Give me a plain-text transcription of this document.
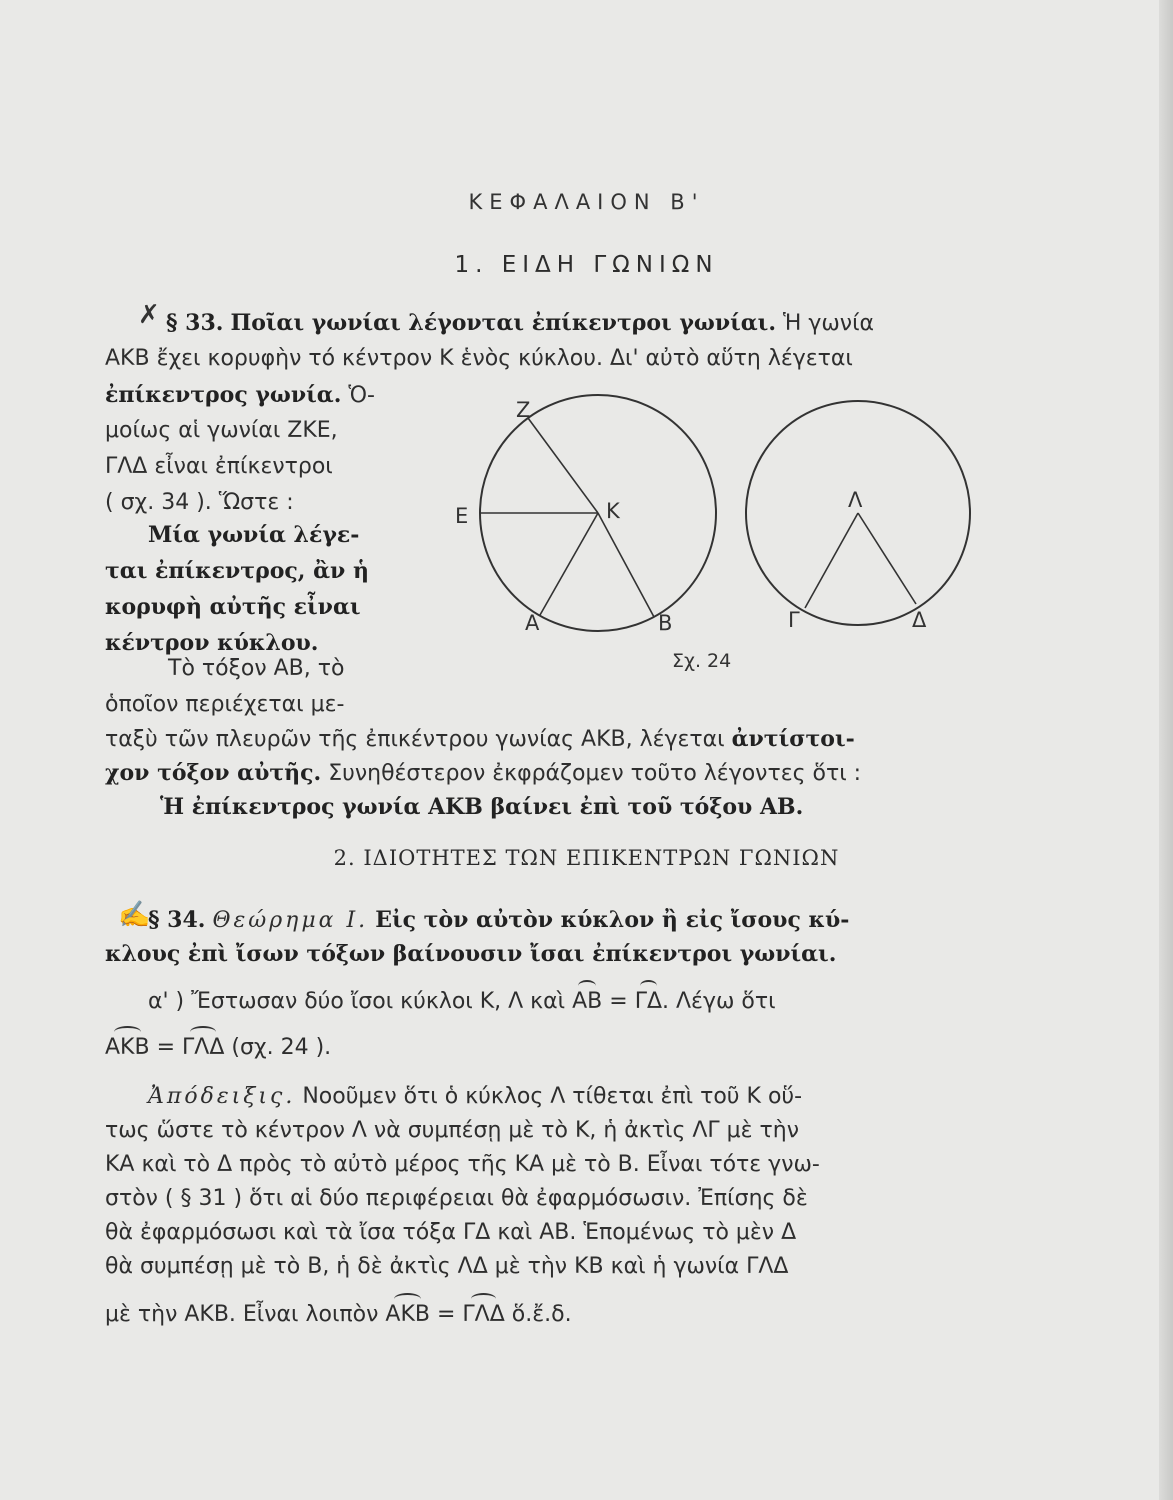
ΚΕΦΑΛΑΙΟΝ Β'
1. ΕΙΔΗ ΓΩΝΙΩΝ
✗ § 33. Ποῖαι γωνίαι λέγονται ἐπίκεντροι γωνίαι. Ἡ γωνία
ΑΚΒ ἔχει κορυφὴν τό κέντρον Κ ἑνὸς κύκλου. Δι' αὐτὸ αὕτη λέγεται
ἐπίκεντρος γωνία. Ὁ-
μοίως αἱ γωνίαι ΖΚΕ,
ΓΛΔ εἶναι ἐπίκεντροι
( σχ. 34 ). Ὥστε :
Μία γωνία λέγε-
ται ἐπίκεντρος, ἂν ἡ
κορυφὴ αὐτῆς εἶναι
κέντρον κύκλου.
Τὸ τόξον ΑΒ, τὸ
ὁποῖον περιέχεται με-
ταξὺ τῶν πλευρῶν τῆς ἐπικέντρου γωνίας ΑΚΒ, λέγεται ἀντίστοι-
χον τόξον αὐτῆς. Συνηθέστερον ἐκφράζομεν τοῦτο λέγοντες ὅτι :
Ἡ ἐπίκεντρος γωνία ΑΚΒ βαίνει ἐπὶ τοῦ τόξου ΑΒ.
Ζ
Κ
Ε
Α	Β
Λ
Γ	Δ
Σχ. 24
2. ΙΔΙΟΤΗΤΕΣ ΤΩΝ ΕΠΙΚΕΝΤΡΩΝ ΓΩΝΙΩΝ
✍
§ 34. Θεώρημα I. Εἰς τὸν αὐτὸν κύκλον ἢ εἰς ἴσους κύ-
κλους ἐπὶ ἴσων τόξων βαίνουσιν ἴσαι ἐπίκεντροι γωνίαι.
α' ) Ἔστωσαν δύο ἴσοι κύκλοι Κ, Λ καὶ ΑΒ = ΓΔ. Λέγω ὅτι
ΑΚΒ = ΓΛΔ (σχ. 24 ).
Ἀπόδειξις. Νοοῦμεν ὅτι ὁ κύκλος Λ τίθεται ἐπὶ τοῦ Κ οὕ-
τως ὥστε τὸ κέντρον Λ νὰ συμπέσῃ μὲ τὸ Κ, ἡ ἀκτὶς ΛΓ μὲ τὴν
ΚΑ καὶ τὸ Δ πρὸς τὸ αὐτὸ μέρος τῆς ΚΑ μὲ τὸ Β. Εἶναι τότε γνω-
στὸν ( § 31 ) ὅτι αἱ δύο περιφέρειαι θὰ ἐφαρμόσωσιν. Ἐπίσης δὲ
θὰ ἐφαρμόσωσι καὶ τὰ ἴσα τόξα ΓΔ καὶ ΑΒ. Ἑπομένως τὸ μὲν Δ
θὰ συμπέσῃ μὲ τὸ Β, ἡ δὲ ἀκτὶς ΛΔ μὲ τὴν ΚΒ καὶ ἡ γωνία ΓΛΔ
μὲ τὴν ΑΚΒ. Εἶναι λοιπὸν ΑΚΒ = ΓΛΔ ὅ.ἔ.δ.
